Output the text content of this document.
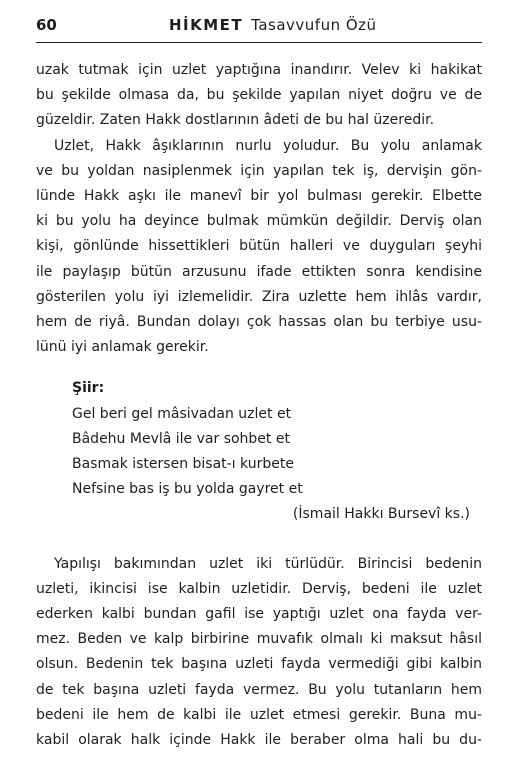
60	HİKMET Tasavvufun Özü
uzak tutmak için uzlet yaptığına inandırır. Velev ki hakikat
bu şekilde olmasa da, bu şekilde yapılan niyet doğru ve de
güzeldir. Zaten Hakk dostlarının âdeti de bu hal üzeredir.
Uzlet, Hakk âşıklarının nurlu yoludur. Bu yolu anlamak
ve bu yoldan nasiplenmek için yapılan tek iş, dervişin gön-
lünde Hakk aşkı ile manevî bir yol bulması gerekir. Elbette
ki bu yolu ha deyince bulmak mümkün değildir. Derviş olan
kişi, gönlünde hissettikleri bütün halleri ve duyguları şeyhi
ile paylaşıp bütün arzusunu ifade ettikten sonra kendisine
gösterilen yolu iyi izlemelidir. Zira uzlette hem ihlâs vardır,
hem de riyâ. Bundan dolayı çok hassas olan bu terbiye usu-
lünü iyi anlamak gerekir.
Şiir:
Gel beri gel mâsivadan uzlet et
Bâdehu Mevlâ ile var sohbet et
Basmak istersen bisat-ı kurbete
Nefsine bas iş bu yolda gayret et
(İsmail Hakkı Bursevî ks.)
Yapılışı bakımından uzlet iki türlüdür. Birincisi bedenin
uzleti, ikincisi ise kalbin uzletidir. Derviş, bedeni ile uzlet
ederken kalbi bundan gafil ise yaptığı uzlet ona fayda ver-
mez. Beden ve kalp birbirine muvafık olmalı ki maksut hâsıl
olsun. Bedenin tek başına uzleti fayda vermediği gibi kalbin
de tek başına uzleti fayda vermez. Bu yolu tutanların hem
bedeni ile hem de kalbi ile uzlet etmesi gerekir. Buna mu-
kabil olarak halk içinde Hakk ile beraber olma hali bu du-
